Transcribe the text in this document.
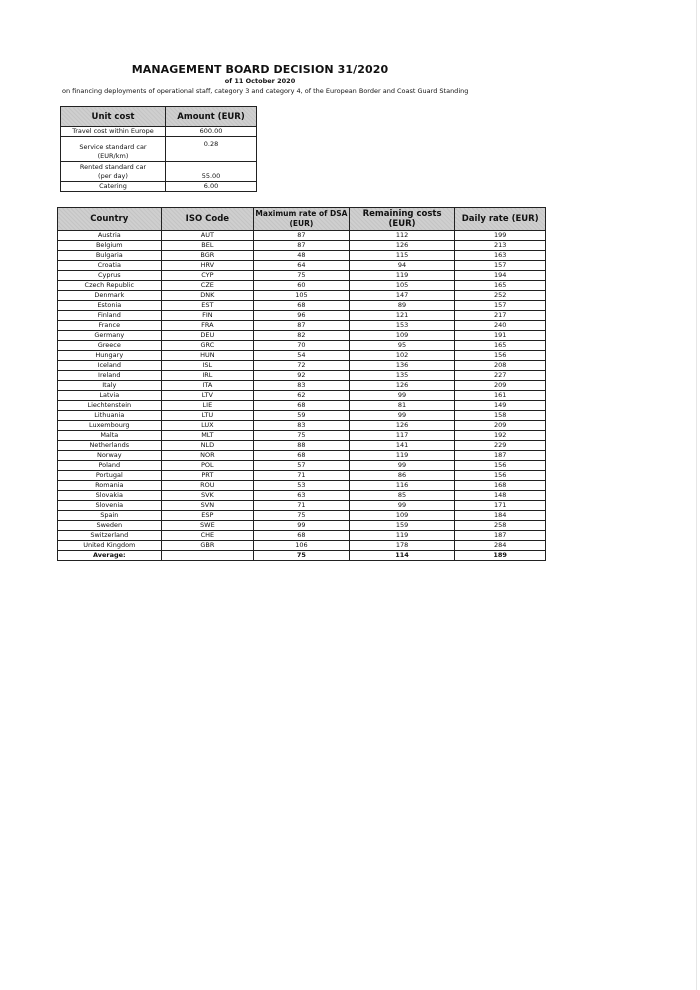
MANAGEMENT BOARD DECISION 31/2020
of 11 October 2020
on financing deployments of operational staff, category 3 and category 4, of the European Border and Coast Guard Standing
Unit cost	Amount (EUR)
Travel cost within Europe	600.00
Service standard car (EUR/km)	0.28

Rented standard car
(per day)	55.00
Catering	6.00
Country	ISO Code	Maximum rate of DSA (EUR)	Remaining costs (EUR)	Daily rate (EUR)
Austria	AUT	87	112	199
Belgium	BEL	87	126	213
Bulgaria	BGR	48	115	163
Croatia	HRV	64	94	157
Cyprus	CYP	75	119	194
Czech Republic	CZE	60	105	165
Denmark	DNK	105	147	252
Estonia	EST	68	89	157
Finland	FIN	96	121	217
France	FRA	87	153	240
Germany	DEU	82	109	191
Greece	GRC	70	95	165
Hungary	HUN	54	102	156
Iceland	ISL	72	136	208
Ireland	IRL	92	135	227
Italy	ITA	83	126	209
Latvia	LTV	62	99	161
Liechtenstein	LIE	68	81	149
Lithuania	LTU	59	99	158
Luxembourg	LUX	83	126	209
Malta	MLT	75	117	192
Netherlands	NLD	88	141	229
Norway	NOR	68	119	187
Poland	POL	57	99	156
Portugal	PRT	71	86	156
Romania	ROU	53	116	168
Slovakia	SVK	63	85	148
Slovenia	SVN	71	99	171
Spain	ESP	75	109	184
Sweden	SWE	99	159	258
Switzerland	CHE	68	119	187
United Kingdom	GBR	106	178	284
Average:		75	114	189
